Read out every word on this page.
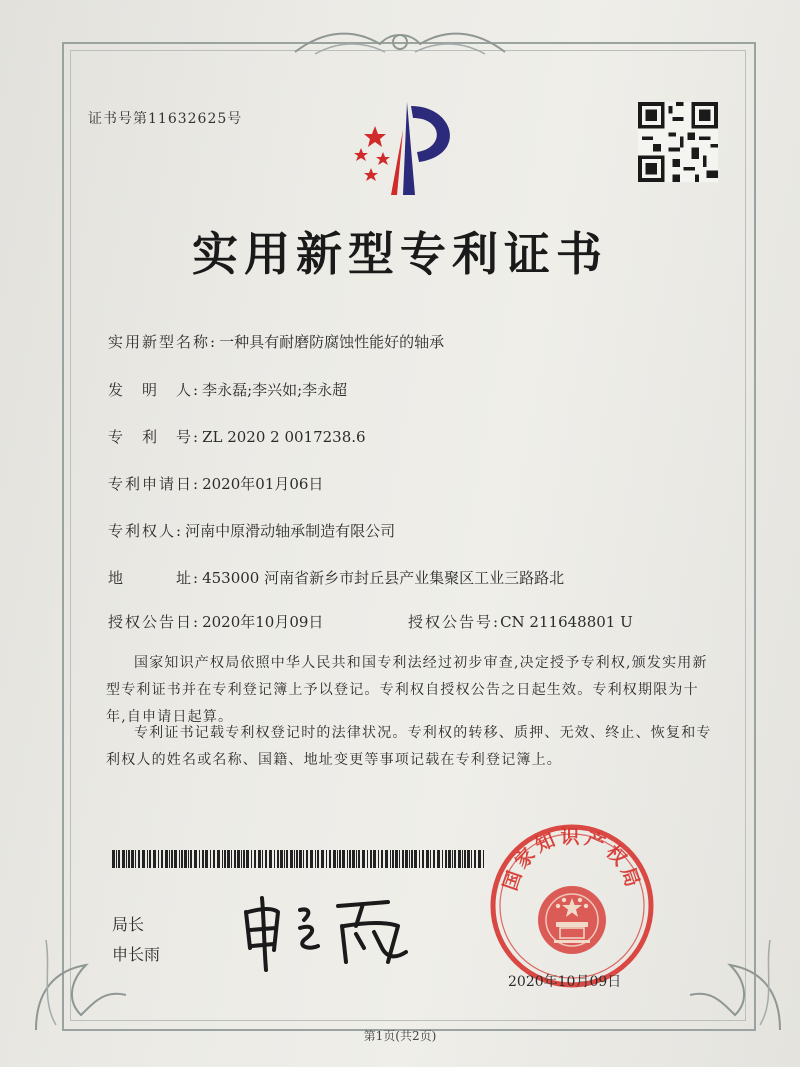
证书号第11632625号
实用新型专利证书
实用新型名称: 一种具有耐磨防腐蚀性能好的轴承
发　明　人: 李永磊;李兴如;李永超
专　利　号: ZL 2020 2 0017238.6
专利申请日: 2020年01月06日
专利权人: 河南中原滑动轴承制造有限公司
地　　　址: 453000 河南省新乡市封丘县产业集聚区工业三路路北
授权公告日: 2020年10月09日	授权公告号:CN 211648801 U
国家知识产权局依照中华人民共和国专利法经过初步审查,决定授予专利权,颁发实用新型专利证书并在专利登记簿上予以登记。专利权自授权公告之日起生效。专利权期限为十年,自申请日起算。
专利证书记载专利权登记时的法律状况。专利权的转移、质押、无效、终止、恢复和专利权人的姓名或名称、国籍、地址变更等事项记载在专利登记簿上。
局长
申长雨
国家知识产权局
2020年10月09日
第1页(共2页)
